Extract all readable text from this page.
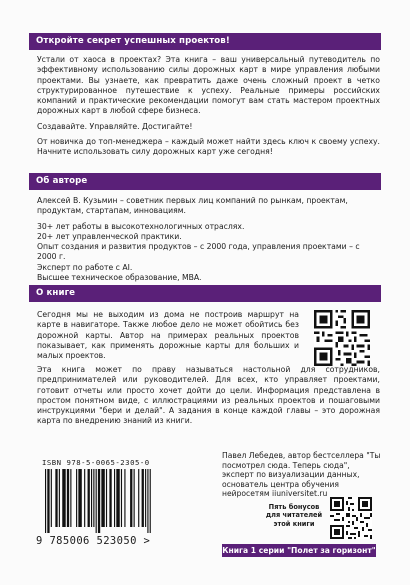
Откройте секрет успешных проектов!

Устали от хаоса в проектах? Эта книга – ваш универсальный путеводитель по эффективному использованию силы дорожных карт в мире управления любыми проектами. Вы узнаете, как превратить даже очень сложный проект в четко структурированное путешествие к успеху. Реальные примеры российских компаний и практические рекомендации помогут вам стать мастером проектных дорожных карт в любой сфере бизнеса.

Создавайте. Управляйте. Достигайте!

От новичка до топ-менеджера – каждый может найти здесь ключ к своему успеху. Начните использовать силу дорожных карт уже сегодня!

Об авторе

Алексей В. Кузьмин – советник первых лиц компаний по рынкам, проектам, продуктам, стартапам, инновациям.

30+ лет работы в высокотехнологичных отраслях.
20+ лет управленческой практики.
Опыт создания и развития продуктов – с 2000 года, управления проектами – с 2000 г.
Эксперт по работе с AI.
Высшее техническое образование, MBA.
О книге
Сегодня мы не выходим из дома не построив маршрут на карте в навигаторе. Также любое дело не может обойтись без дорожной карты. Автор на примерах реальных проектов показывает, как применять дорожные карты для больших и малых проектов.
Эта книга может по праву называться настольной для сотрудников, предпринимателей или руководителей. Для всех, кто управляет проектами, готовит отчеты или просто хочет дойти до цели. Информация представлена в простом понятном виде, с иллюстрациями из реальных проектов и пошаговыми инструкциями "бери и делай". А задания в конце каждой главы – это дорожная карта по внедрению знаний из книги.
Павел Лебедев, автор бестселлера "Ты посмотрел сюда. Теперь сюда", эксперт по визуализации данных, основатель центра обучения нейросетям iiuniversitet.ru
ISBN 978-5-0065-2305-0
9 785006 523050 >
Пять бонусов для читателей этой книги
Книга 1 серии "Полет за горизонт"
